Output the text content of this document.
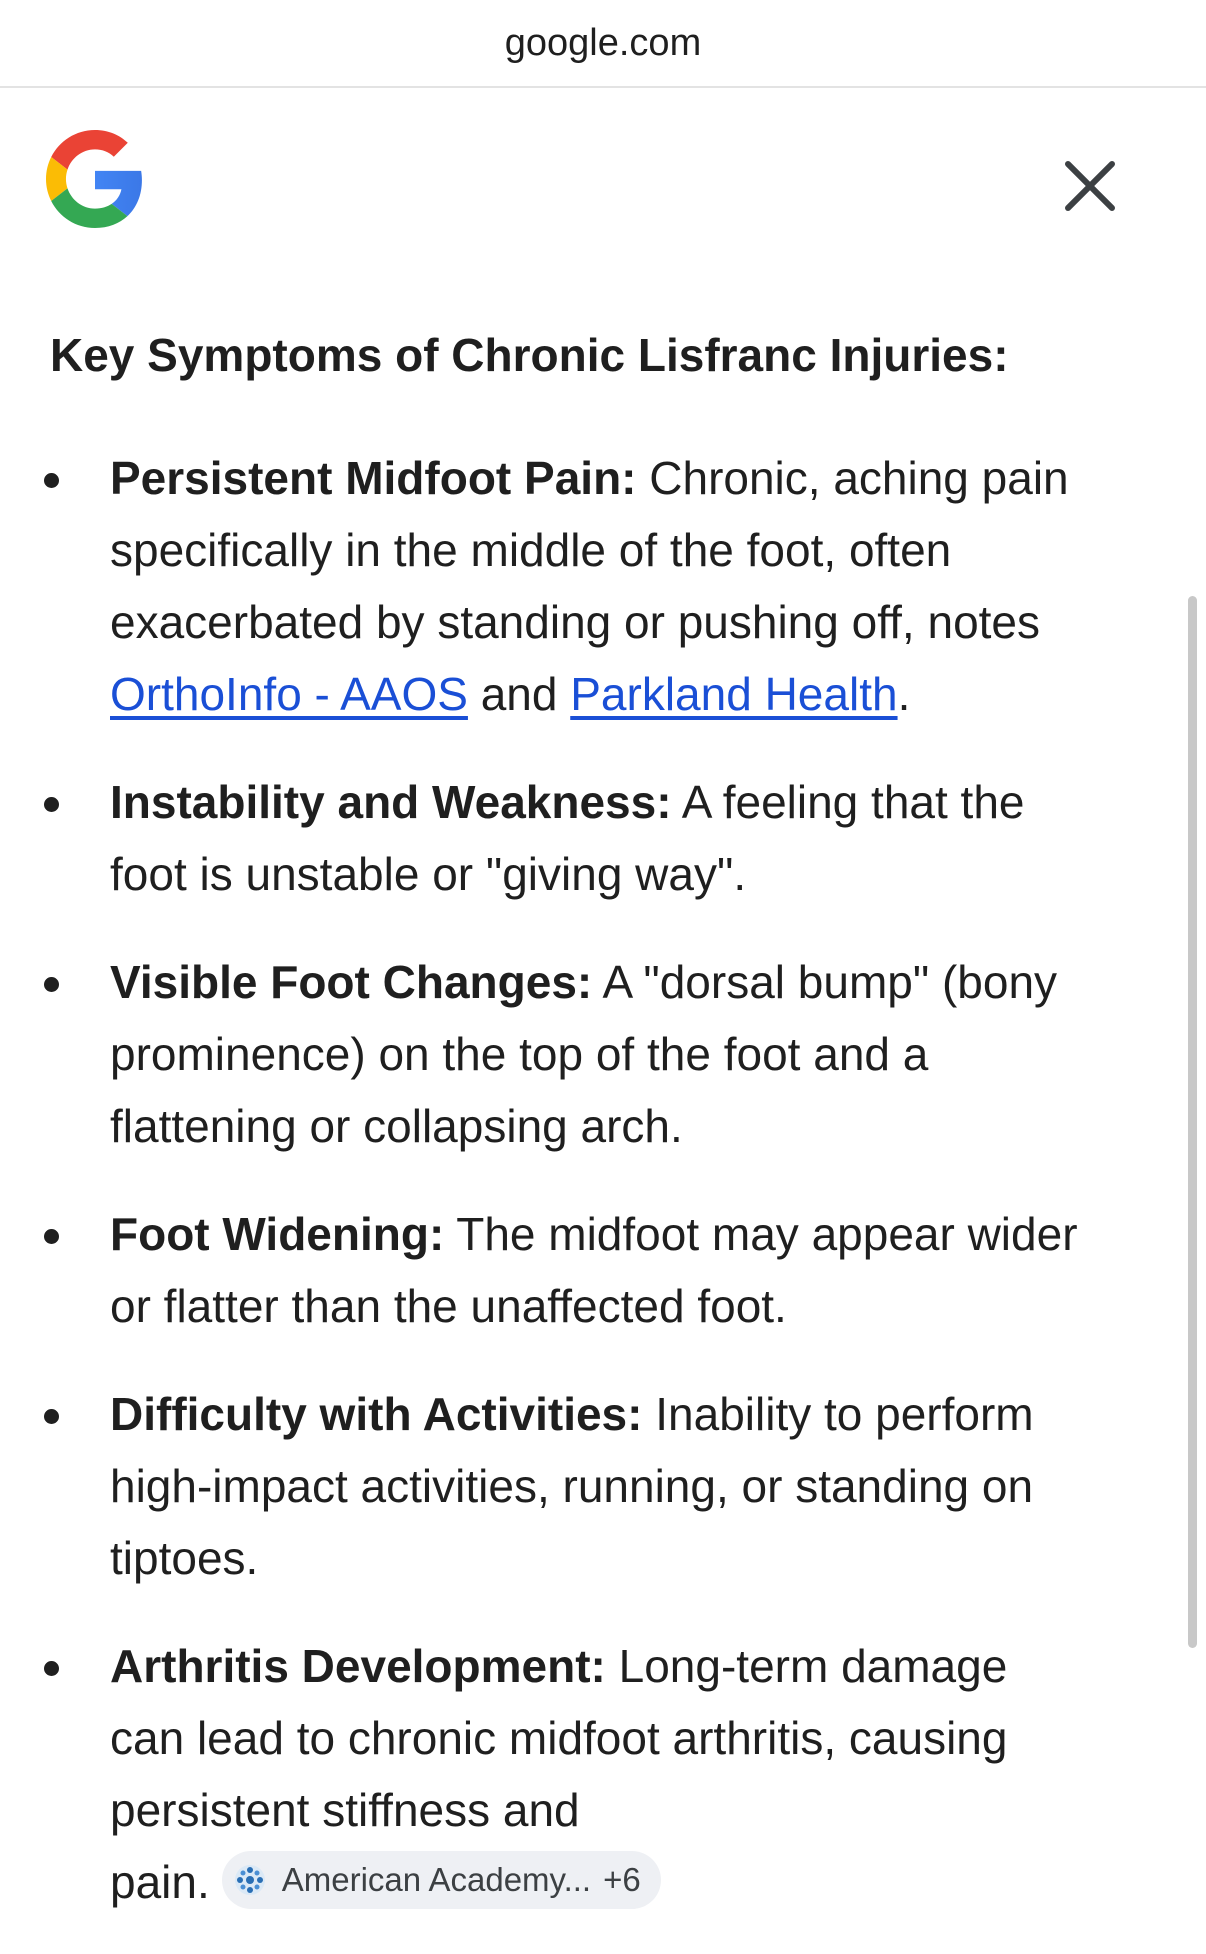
google.com
Key Symptoms of Chronic Lisfranc Injuries:
Persistent Midfoot Pain: Chronic, aching pain
specifically in the middle of the foot, often
exacerbated by standing or pushing off, notes
OrthoInfo - AAOS and Parkland Health.
Instability and Weakness: A feeling that the
foot is unstable or "giving way".
Visible Foot Changes: A "dorsal bump" (bony
prominence) on the top of the foot and a
flattening or collapsing arch.
Foot Widening: The midfoot may appear wider
or flatter than the unaffected foot.
Difficulty with Activities: Inability to perform
high-impact activities, running, or standing on
tiptoes.
Arthritis Development: Long-term damage
can lead to chronic midfoot arthritis, causing
persistent stiffness and
pain. American Academy... +6
